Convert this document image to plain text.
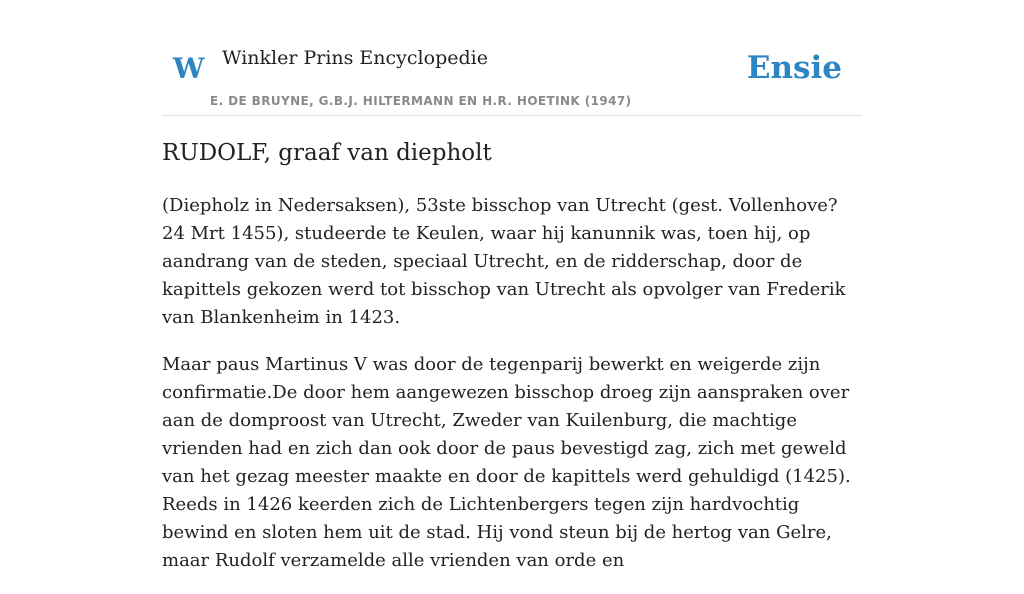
W Winkler Prins Encyclopedie
E. DE BRUYNE, G.B.J. HILTERMANN EN H.R. HOETINK (1947)
Ensie
RUDOLF, graaf van diepholt

(Diepholz in Nedersaksen), 53ste bisschop van Utrecht (gest. Vollenhove? 24 Mrt 1455), studeerde te Keulen, waar hij kanunnik was, toen hij, op aandrang van de steden, speciaal Utrecht, en de ridderschap, door de kapittels gekozen werd tot bisschop van Utrecht als opvolger van Frederik van Blankenheim in 1423.

Maar paus Martinus V was door de tegenparij bewerkt en weigerde zijn confirmatie.De door hem aangewezen bisschop droeg zijn aanspraken over aan de domproost van Utrecht, Zweder van Kuilenburg, die machtige vrienden had en zich dan ook door de paus bevestigd zag, zich met geweld van het gezag meester maakte en door de kapittels werd gehuldigd (1425). Reeds in 1426 keerden zich de Lichtenbergers tegen zijn hardvochtig bewind en sloten hem uit de stad. Hij vond steun bij de hertog van Gelre, maar Rudolf verzamelde alle vrienden van orde en
